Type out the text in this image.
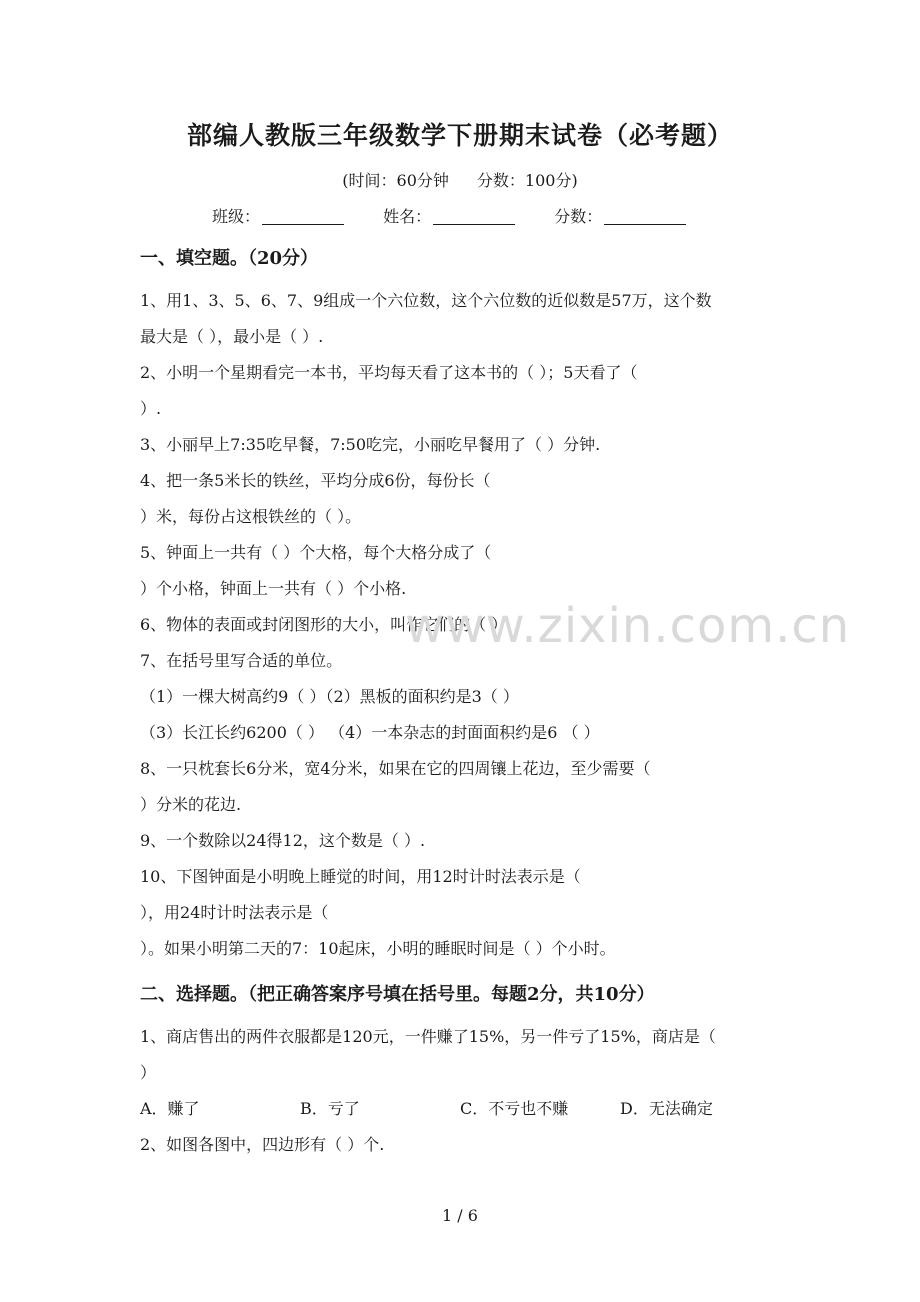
部编人教版三年级数学下册期末试卷（必考题）
(时间：60分钟 分数：100分)
班级：	姓名：	分数：
一、填空题。（20分）
1、用1、3、5、6、7、9组成一个六位数，这个六位数的近似数是57万，这个数
最大是（ ），最小是（ ）.
2、小明一个星期看完一本书，平均每天看了这本书的（ ）；5天看了（
）.
3、小丽早上7:35吃早餐，7:50吃完，小丽吃早餐用了（ ）分钟.
4、把一条5米长的铁丝，平均分成6份，每份长（
）米，每份占这根铁丝的（ ）。
5、钟面上一共有（ ）个大格，每个大格分成了（
）个小格，钟面上一共有（ ）个小格.
6、物体的表面或封闭图形的大小，叫作它们的（ ）.
7、在括号里写合适的单位。
（1）一棵大树高约9（ ）（2）黑板的面积约是3（ ）
（3）长江长约6200（ ） （4）一本杂志的封面面积约是6 （ ）
8、一只枕套长6分米，宽4分米，如果在它的四周镶上花边，至少需要（
）分米的花边.
9、一个数除以24得12，这个数是（ ）.
10、下图钟面是小明晚上睡觉的时间，用12时计时法表示是（
），用24时计时法表示是（
）。如果小明第二天的7：10起床，小明的睡眠时间是（ ）个小时。
二、选择题。（把正确答案序号填在括号里。每题2分，共10分）
1、商店售出的两件衣服都是120元，一件赚了15%，另一件亏了15%，商店是（
）
A．赚了	B．亏了	C．不亏也不赚	D．无法确定
2、如图各图中，四边形有（ ）个.
www.zixin.com.cn
1 / 6
